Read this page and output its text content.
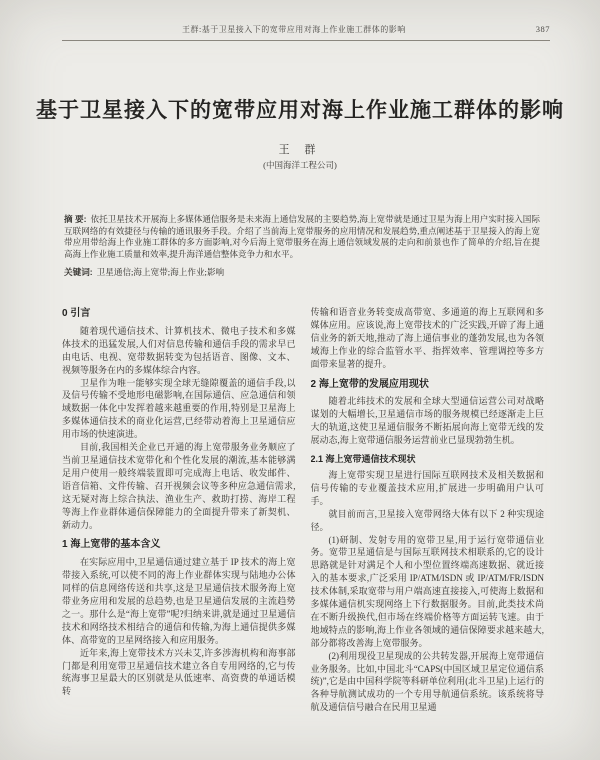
王群:基于卫星接入下的宽带应用对海上作业施工群体的影响	387
基于卫星接入下的宽带应用对海上作业施工群体的影响
王 群
(中国海洋工程公司)

摘 要: 依托卫星技术开展海上多媒体通信服务是未来海上通信发展的主要趋势,海上宽带就是通过卫星为海上用户实时接入国际互联网络的有效捷径与传输的通讯服务手段。介绍了当前海上宽带服务的应用情况和发展趋势,重点阐述基于卫星接入的海上宽带应用带给海上作业施工群体的多方面影响,对今后海上宽带服务在海上通信领域发展的走向和前景也作了简单的介绍,旨在提高海上作业施工质量和效率,提升海洋通信整体竞争力和水平。

关键词: 卫星通信;海上宽带;海上作业;影响

0 引言

随着现代通信技术、计算机技术、微电子技术和多媒体技术的迅猛发展,人们对信息传输和通信手段的需求早已由电话、电视、宽带数据转变为包括语音、图像、文本、视频等服务在内的多媒体综合内容。

卫星作为唯一能够实现全球无缝隙覆盖的通信手段,以及信号传输不受地形电磁影响,在国际通信、应急通信和领域数据一体化中发挥着越来越重要的作用,特别是卫星海上多媒体通信技术的商业化运营,已经带动着海上卫星通信应用市场的快速演进。

目前,我国相关企业已开通的海上宽带服务业务顺应了当前卫星通信技术宽带化和个性化发展的潮流,基本能够满足用户使用一般终端装置即可完成海上电话、收发邮件、语音信箱、文件传输、召开视频会议等多种应急通信需求,这无疑对海上综合执法、渔业生产、救助打捞、海岸工程等海上作业群体通信保障能力的全面提升带来了新契机、新动力。

1 海上宽带的基本含义

在实际应用中,卫星通信通过建立基于 IP 技术的海上宽带接入系统,可以使不同的海上作业群体实现与陆地办公体同样的信息网络传送和共享,这是卫星通信技术服务海上宽带业务应用和发展的总趋势,也是卫星通信发展的主流趋势之一。那什么是“海上宽带”呢?归纳来讲,就是通过卫星通信技术和网络技术相结合的通信和传输,为海上通信提供多媒体、高带宽的卫星网络接入和应用服务。

近年来,海上宽带技术方兴未艾,许多涉海机构和海事部门都是利用宽带卫星通信技术建立各自专用网络的,它与传统海事卫星最大的区别就是从低速率、高资费的单通话模转

传输和语音业务转变成高带宽、多通道的海上互联网和多媒体应用。应该说,海上宽带技术的广泛实践,开辟了海上通信业务的新天地,推动了海上通信事业的蓬勃发展,也为各领域海上作业的综合监管水平、指挥效率、管理调控等多方面带来显著的提升。

2 海上宽带的发展应用现状

随着北纬技术的发展和全球大型通信运营公司对战略谋划的大幅增长,卫星通信市场的服务规模已经逐渐走上巨大的轨道,这使卫星通信服务不断拓展向海上宽带无线的发展动态,海上宽带通信服务运营前业已显现勃勃生机。

2.1 海上宽带通信技术现状

海上宽带实现卫星进行国际互联网技术及相关数据和信号传输的专业覆盖技术应用,扩展进一步明确用户认可手。

就目前而言,卫星接入宽带网络大体有以下 2 种实现途径。

(1)研制、发射专用的宽带卫星,用于运行宽带通信业务。宽带卫星通信是与国际互联网技术相联系的,它的设计思路就是针对满足个人和小型位置终端高速数据、就近接入的基本要求,广泛采用 IP/ATM/ISDN 或 IP/ATM/FR/ISDN 技术体制,采取宽带与用户端高速直接接入,可使海上数据和多媒体通信机实现网络上下行数据服务。目前,此类技术尚在不断升级换代,但市场在终端价格等方面运转飞速。由于地域特点的影响,海上作业各领域的通信保障要求越来越大,部分都将改善海上宽带服务。

(2)利用现役卫星现成的公共转发器,开展海上宽带通信业务服务。比如,中国北斗“CAPS(中国区域卫星定位通信系统)”,它是由中国科学院等科研单位利用(北斗卫星)上运行的各种导航测试成功的一个专用导航通信系统。该系统将导航及通信信号融合在民用卫星通
